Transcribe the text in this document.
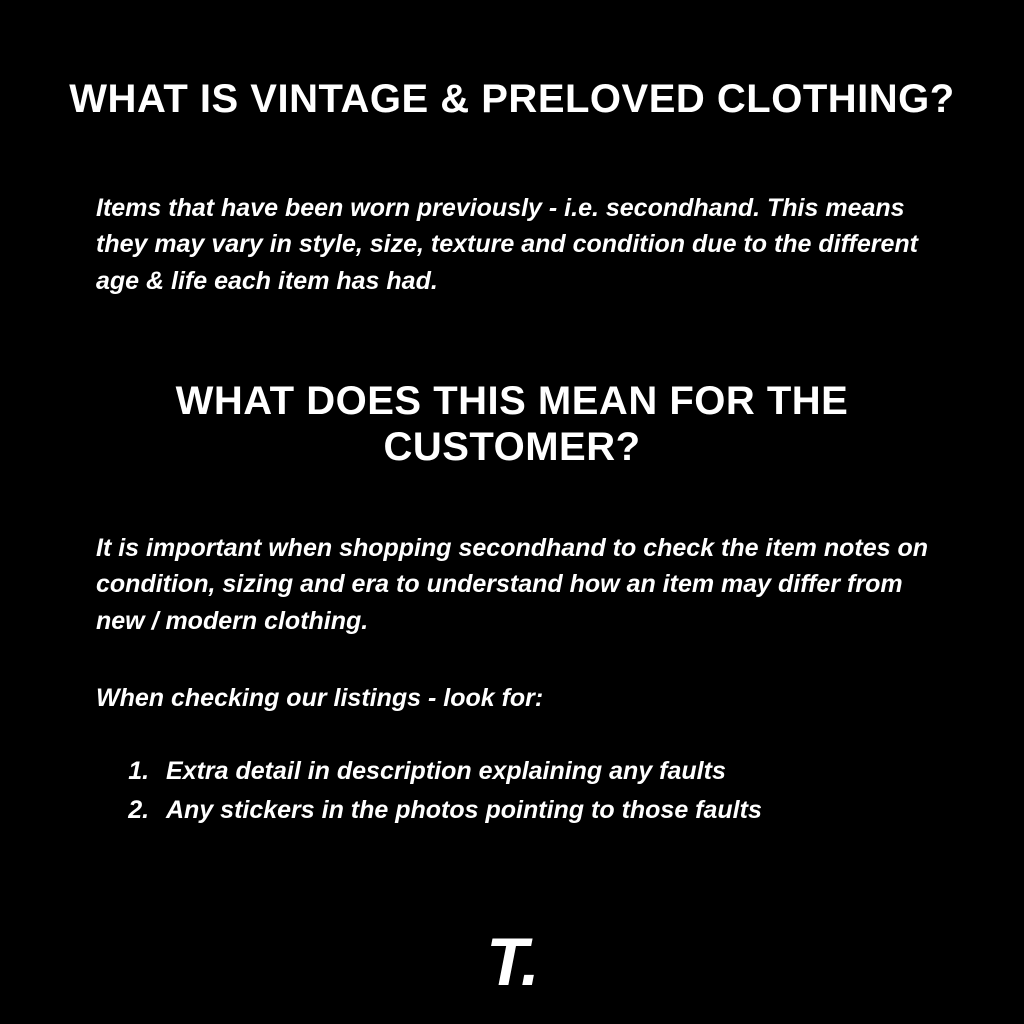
WHAT IS VINTAGE & PRELOVED CLOTHING?
Items that have been worn previously - i.e. secondhand. This means they may vary in style, size, texture and condition due to the different age & life each item has had.
WHAT DOES THIS MEAN FOR THE CUSTOMER?
It is important when shopping secondhand to check the item notes on condition, sizing and era to understand how an item may differ from new / modern clothing.
When checking our listings - look for:
1. Extra detail in description explaining any faults
2. Any stickers in the photos pointing to those faults
T.
